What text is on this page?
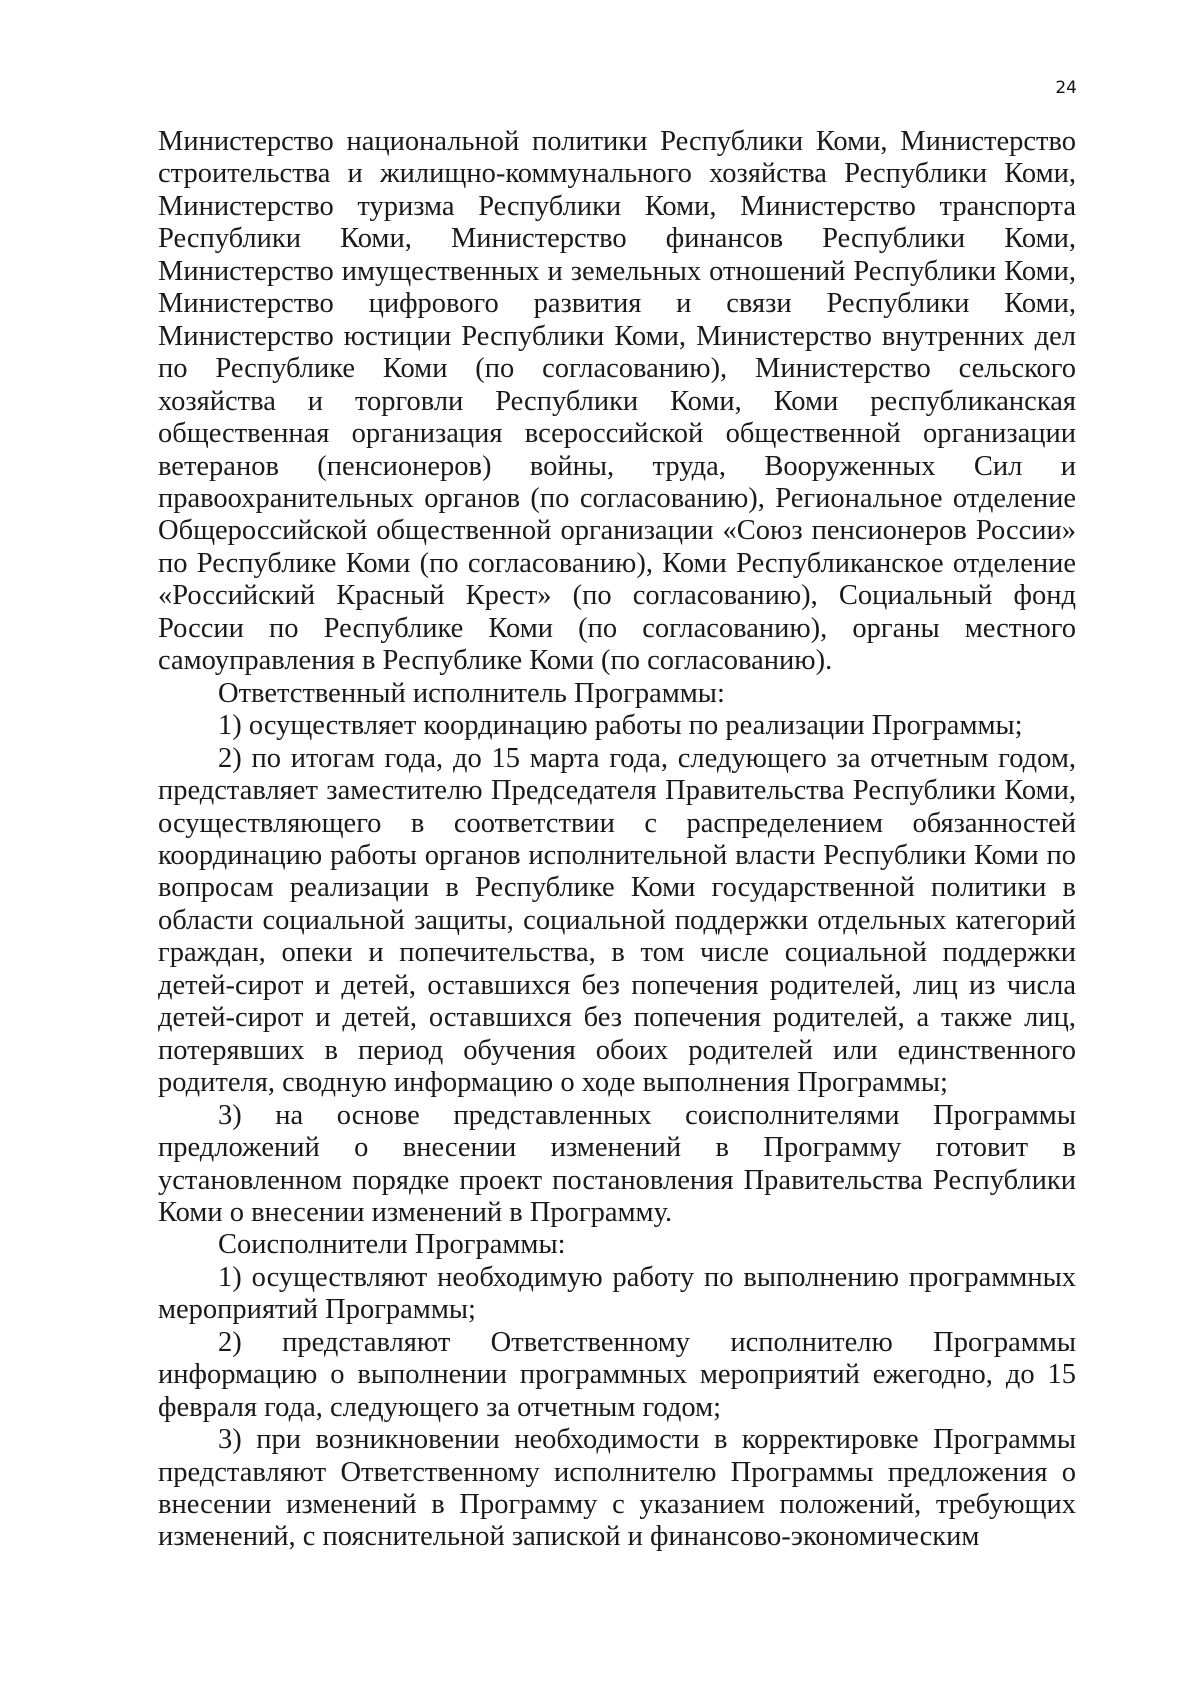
24

Министерство национальной политики Республики Коми, Министерство строительства и жилищно-коммунального хозяйства Республики Коми, Министерство туризма Республики Коми, Министерство транспорта Республики Коми, Министерство финансов Республики Коми, Министерство имущественных и земельных отношений Республики Коми, Министерство цифрового развития и связи Республики Коми, Министерство юстиции Республики Коми, Министерство внутренних дел по Республике Коми (по согласованию), Министерство сельского хозяйства и торговли Республики Коми, Коми республиканская общественная организация всероссийской общественной организации ветеранов (пенсионеров) войны, труда, Вооруженных Сил и правоохранительных органов (по согласованию), Региональное отделение Общероссийской общественной организации «Союз пенсионеров России» по Республике Коми (по согласованию), Коми Республиканское отделение «Российский Красный Крест» (по согласованию), Социальный фонд России по Республике Коми (по согласованию), органы местного самоуправления в Республике Коми (по согласованию).

Ответственный исполнитель Программы:

1) осуществляет координацию работы по реализации Программы;

2) по итогам года, до 15 марта года, следующего за отчетным годом, представляет заместителю Председателя Правительства Республики Коми, осуществляющего в соответствии с распределением обязанностей координацию работы органов исполнительной власти Республики Коми по вопросам реализации в Республике Коми государственной политики в области социальной защиты, социальной поддержки отдельных категорий граждан, опеки и попечительства, в том числе социальной поддержки детей-сирот и детей, оставшихся без попечения родителей, лиц из числа детей-сирот и детей, оставшихся без попечения родителей, а также лиц, потерявших в период обучения обоих родителей или единственного родителя, сводную информацию о ходе выполнения Программы;

3) на основе представленных соисполнителями Программы предложений о внесении изменений в Программу готовит в установленном порядке проект постановления Правительства Республики Коми о внесении изменений в Программу.

Соисполнители Программы:

1) осуществляют необходимую работу по выполнению программных мероприятий Программы;

2) представляют Ответственному исполнителю Программы информацию о выполнении программных мероприятий ежегодно, до 15 февраля года, следующего за отчетным годом;

3) при возникновении необходимости в корректировке Программы представляют Ответственному исполнителю Программы предложения о внесении изменений в Программу с указанием положений, требующих изменений, с пояснительной запиской и финансово-экономическим
